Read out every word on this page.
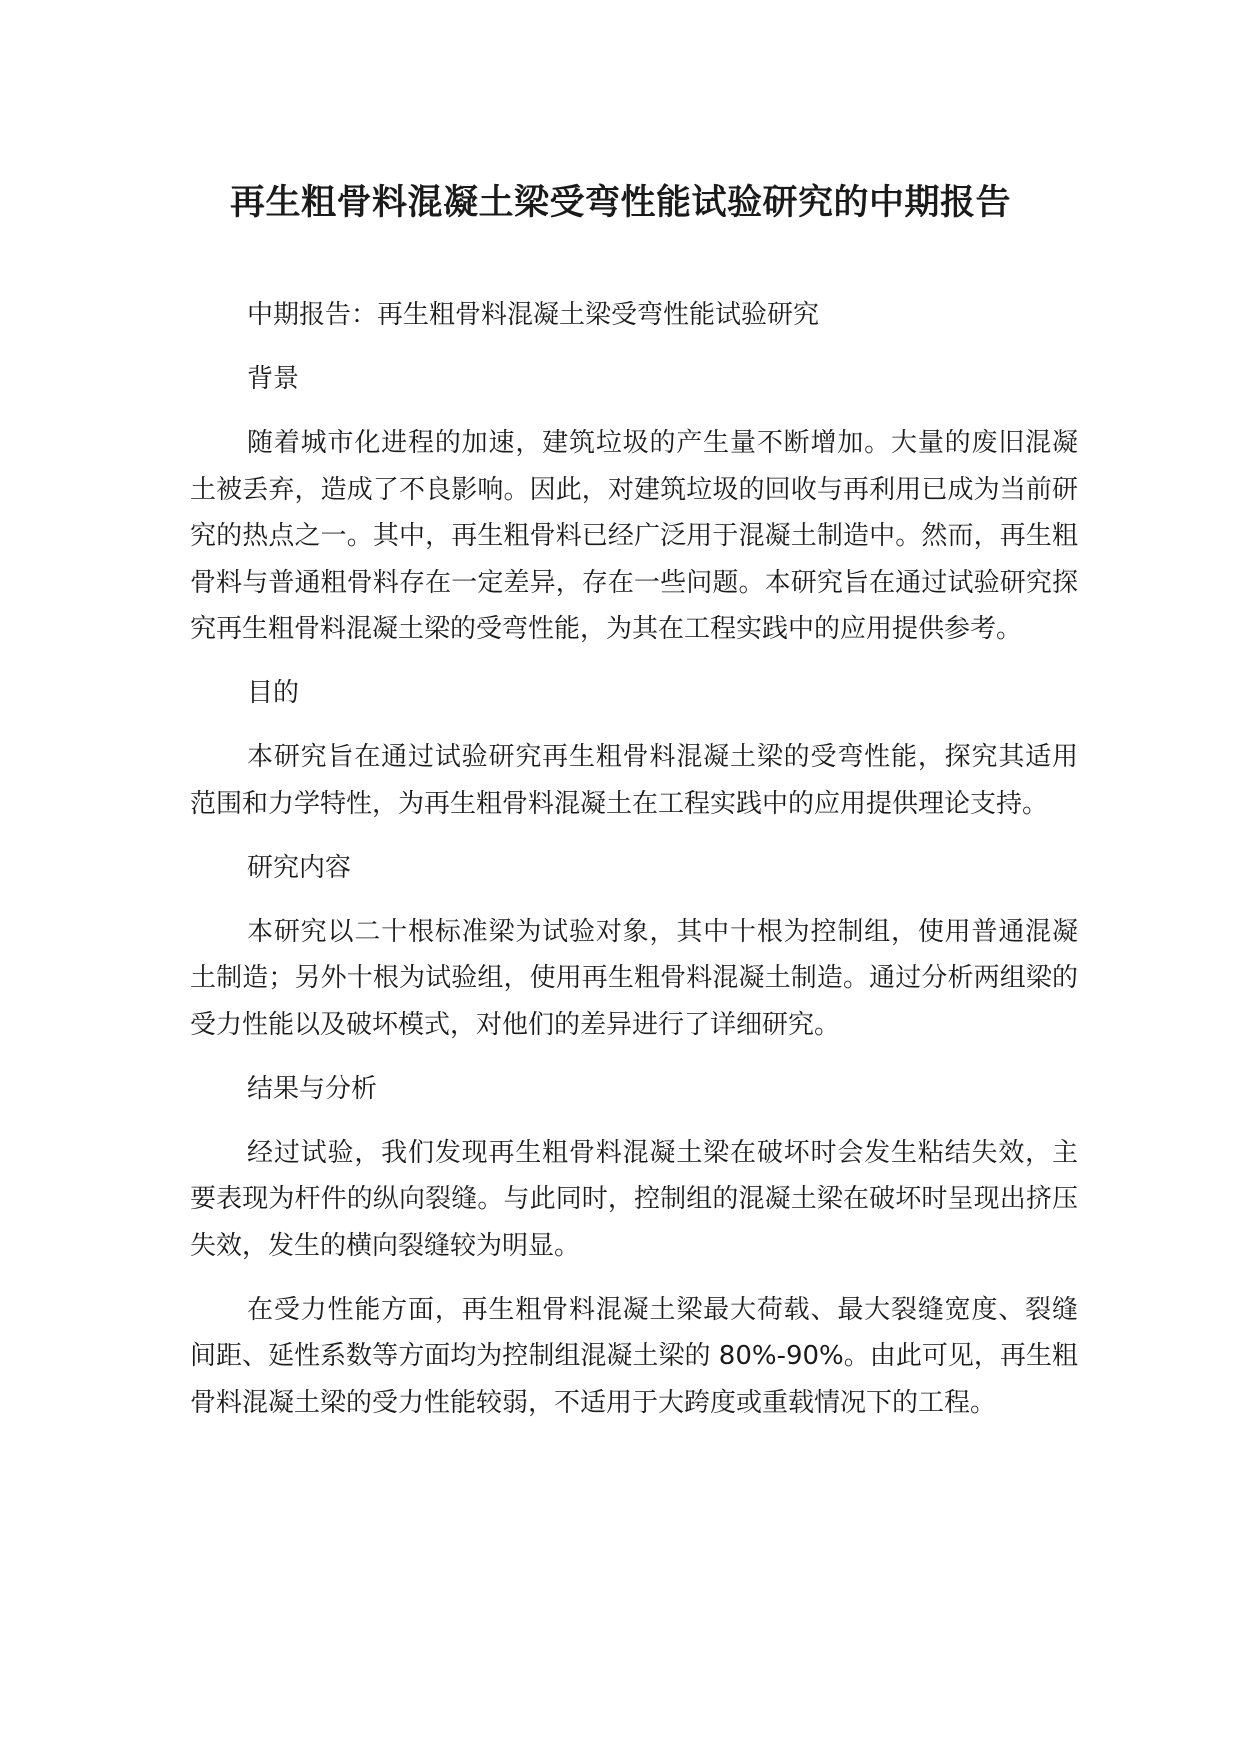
再生粗骨料混凝土梁受弯性能试验研究的中期报告

中期报告：再生粗骨料混凝土梁受弯性能试验研究

背景

随着城市化进程的加速，建筑垃圾的产生量不断增加。大量的废旧混凝土被丢弃，造成了不良影响。因此，对建筑垃圾的回收与再利用已成为当前研究的热点之一。其中，再生粗骨料已经广泛用于混凝土制造中。然而，再生粗骨料与普通粗骨料存在一定差异，存在一些问题。本研究旨在通过试验研究探究再生粗骨料混凝土梁的受弯性能，为其在工程实践中的应用提供参考。

目的

本研究旨在通过试验研究再生粗骨料混凝土梁的受弯性能，探究其适用范围和力学特性，为再生粗骨料混凝土在工程实践中的应用提供理论支持。

研究内容

本研究以二十根标准梁为试验对象，其中十根为控制组，使用普通混凝土制造；另外十根为试验组，使用再生粗骨料混凝土制造。通过分析两组梁的受力性能以及破坏模式，对他们的差异进行了详细研究。

结果与分析

经过试验，我们发现再生粗骨料混凝土梁在破坏时会发生粘结失效，主要表现为杆件的纵向裂缝。与此同时，控制组的混凝土梁在破坏时呈现出挤压失效，发生的横向裂缝较为明显。

在受力性能方面，再生粗骨料混凝土梁最大荷载、最大裂缝宽度、裂缝间距、延性系数等方面均为控制组混凝土梁的 80%-90%。由此可见，再生粗骨料混凝土梁的受力性能较弱，不适用于大跨度或重载情况下的工程。
